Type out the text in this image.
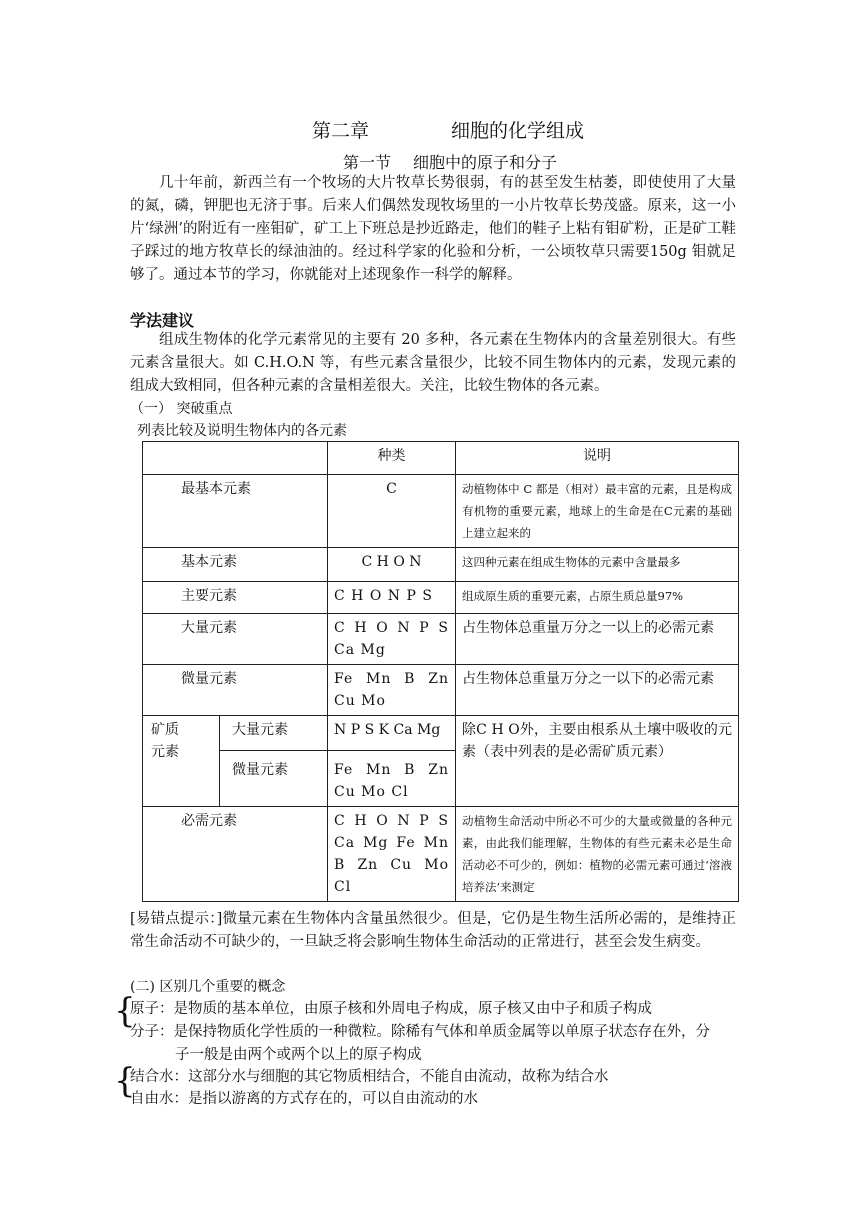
第二章	细胞的化学组成
第一节 细胞中的原子和分子
几十年前，新西兰有一个牧场的大片牧草长势很弱，有的甚至发生枯萎，即使使用了大量的氮，磷，钾肥也无济于事。后来人们偶然发现牧场里的一小片牧草长势茂盛。原来，这一小片‘绿洲’的附近有一座钼矿，矿工上下班总是抄近路走，他们的鞋子上粘有钼矿粉，正是矿工鞋子踩过的地方牧草长的绿油油的。经过科学家的化验和分析，一公顷牧草只需要150g 钼就足够了。通过本节的学习，你就能对上述现象作一科学的解释。
学法建议
组成生物体的化学元素常见的主要有 20 多种，各元素在生物体内的含量差别很大。有些元素含量很大。如 C.H.O.N 等，有些元素含量很少，比较不同生物体内的元素，发现元素的组成大致相同，但各种元素的含量相差很大。关注，比较生物体的各元素。
（一） 突破重点
列表比较及说明生物体内的各元素
		种类	说明
最基本元素		C	动植物体中 C 都是（相对）最丰富的元素，且是构成有机物的重要元素，地球上的生命是在C元素的基础上建立起来的
基本元素		C H O N	这四种元素在组成生物体的元素中含量最多
主要元素		C H O N P S	组成原生质的重要元素，占原生质总量97%
大量元素		C H O N P S Ca Mg	占生物体总重量万分之一以上的必需元素
微量元素		Fe Mn B Zn Cu Mo	占生物体总重量万分之一以下的必需元素

矿质元素	大量元素	N P S K Ca Mg	除C H O外，主要由根系从土壤中吸收的元素（表中列表的是必需矿质元素）
	微量元素	Fe Mn B Zn Cu Mo Cl	
必需元素		C H O N P S Ca Mg Fe Mn B Zn Cu Mo Cl	动植物生命活动中所必不可少的大量或微量的各种元素，由此我们能理解，生物体的有些元素未必是生命活动必不可少的，例如：植物的必需元素可通过‘溶液培养法’来测定
[易错点提示：]微量元素在生物体内含量虽然很少。但是，它仍是生物生活所必需的，是维持正常生命活动不可缺少的，一旦缺乏将会影响生物体生命活动的正常进行，甚至会发生病变。
(二) 区别几个重要的概念
{
原子：是物质的基本单位，由原子核和外周电子构成，原子核又由中子和质子构成
分子：是保持物质化学性质的一种微粒。除稀有气体和单质金属等以单原子状态存在外，分
子一般是由两个或两个以上的原子构成
{
结合水：这部分水与细胞的其它物质相结合，不能自由流动，故称为结合水
自由水：是指以游离的方式存在的，可以自由流动的水
